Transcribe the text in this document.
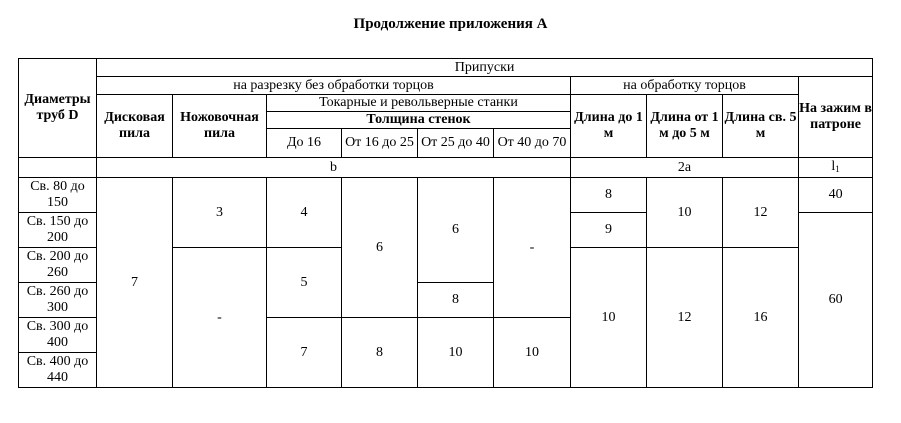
Продолжение приложения А
Диаметры труб D	Припуски									
	на разрезку без обработки торцов						на обработку торцов			На зажим в патроне
	Дисковая пила	Ножовочная пила	Токарные и револьверные станки				Длина до 1 м	Длина от 1 м до 5 м	Длина св. 5 м	
			Толщина стенок							
			До 16	От 16 до 25	От 25 до 40	От 40 до 70				
	b						2a			$l_1$
Св. 80 до 150	7	3	4	6	6	-	8	10	12	40
Св. 150 до 200							9			60
Св. 200 до 260		-	5				10	12	16	
Св. 260 до 300					8					
Св. 300 до 400			7	8	10	10				
Св. 400 до 440										
